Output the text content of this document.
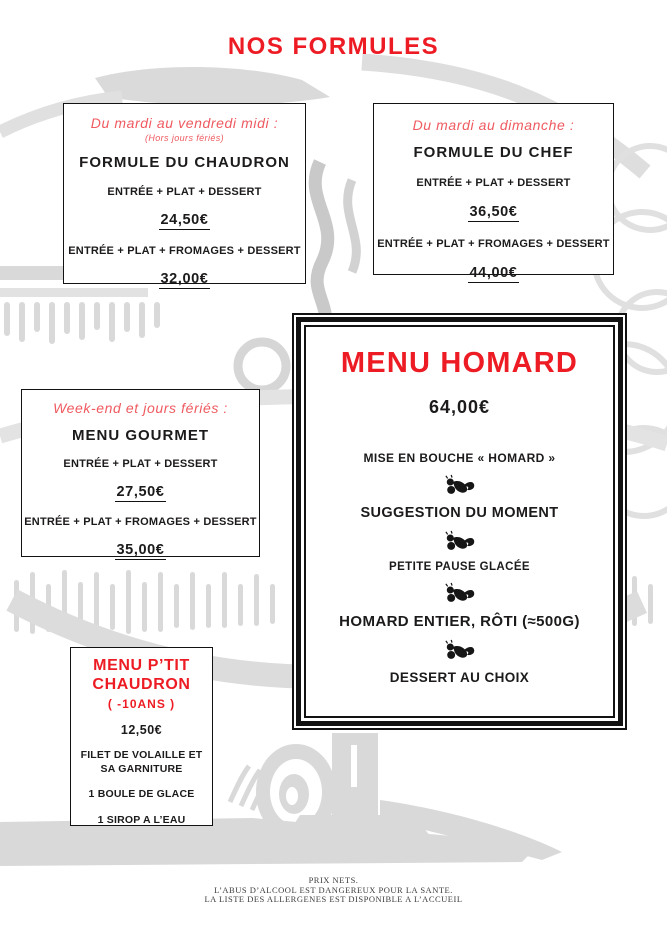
NOS FORMULES
Du mardi au vendredi midi :
(Hors jours fériés)
FORMULE DU CHAUDRON
ENTRÉE + PLAT + DESSERT
24,50€
ENTRÉE + PLAT + FROMAGES + DESSERT
32,00€
Du mardi au dimanche :
FORMULE DU CHEF
ENTRÉE + PLAT + DESSERT
36,50€
ENTRÉE + PLAT + FROMAGES + DESSERT
44,00€
Week-end et jours fériés :
MENU GOURMET
ENTRÉE + PLAT + DESSERT
27,50€
ENTRÉE + PLAT + FROMAGES + DESSERT
35,00€
MENU HOMARD
64,00€
MISE EN BOUCHE « HOMARD »
SUGGESTION DU MOMENT
PETITE PAUSE GLACÉE
HOMARD ENTIER, RÔTI (≈500G)
DESSERT AU CHOIX
MENU P’TIT
CHAUDRON
( -10ANS )
12,50€
FILET DE VOLAILLE ET SA GARNITURE
1 BOULE DE GLACE
1 SIROP A L’EAU
PRIX NETS.
L’ABUS D’ALCOOL EST DANGEREUX POUR LA SANTE.
LA LISTE DES ALLERGENES EST DISPONIBLE A L’ACCUEIL
